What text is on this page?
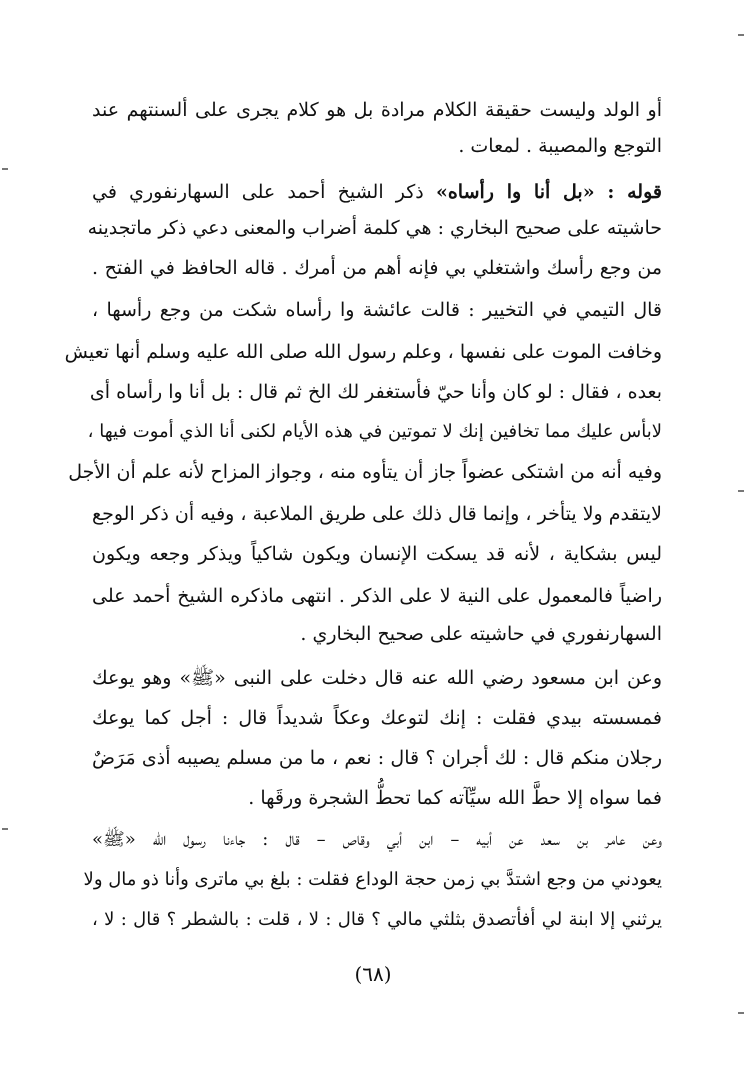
أو الولد وليست حقيقة الكلام مرادة بل هو كلام يجرى على ألسنتهم عند
التوجع والمصيبة . لمعات .
قوله : «بل أنا وا رأساه» ذكر الشيخ أحمد على السهارنفوري في
حاشيته على صحيح البخاري : هي كلمة أضراب والمعنى دعي ذكر ماتجدينه
من وجع رأسك واشتغلي بي فإنه أهم من أمرك . قاله الحافظ في الفتح .
قال التيمي في التخيير : قالت عائشة وا رأساه شكت من وجع رأسها ،
وخافت الموت على نفسها ، وعلم رسول الله صلى الله عليه وسلم أنها تعيش
بعده ، فقال : لو كان وأنا حيّ فأستغفر لك الخ ثم قال : بل أنا وا رأساه أى
لابأس عليك مما تخافين إنك لا تموتين في هذه الأيام لكنى أنا الذي أموت فيها ،
وفيه أنه من اشتكى عضواً جاز أن يتأوه منه ، وجواز المزاح لأنه علم أن الأجل
لايتقدم ولا يتأخر ، وإنما قال ذلك على طريق الملاعبة ، وفيه أن ذكر الوجع
ليس بشكاية ، لأنه قد يسكت الإنسان ويكون شاكياً ويذكر وجعه ويكون
راضياً فالمعمول على النية لا على الذكر . انتهى ماذكره الشيخ أحمد على
السهارنفوري في حاشيته على صحيح البخاري .
وعن ابن مسعود رضي الله عنه قال دخلت على النبى «ﷺ» وهو يوعك
فمسسته بيدي فقلت : إنك لتوعك وعكاً شديداً قال : أجل كما يوعك
رجلان منكم قال : لك أجران ؟ قال : نعم ، ما من مسلم يصيبه أذى مَرَضٌ
فما سواه إلا حطَّ الله سيِّآته كما تحطُّ الشجرة ورقَها .
وعن عامر بن سعد عن أبيه – ابن أبي وقاص – قال : جاءنا رسول الله «ﷺ»
يعودني من وجع اشتدَّ بي زمن حجة الوداع فقلت : بلغ بي ماترى وأنا ذو مال ولا
يرثني إلا ابنة لي أفأتصدق بثلثي مالي ؟ قال : لا ، قلت : بالشطر ؟ قال : لا ،
(٦٨)
